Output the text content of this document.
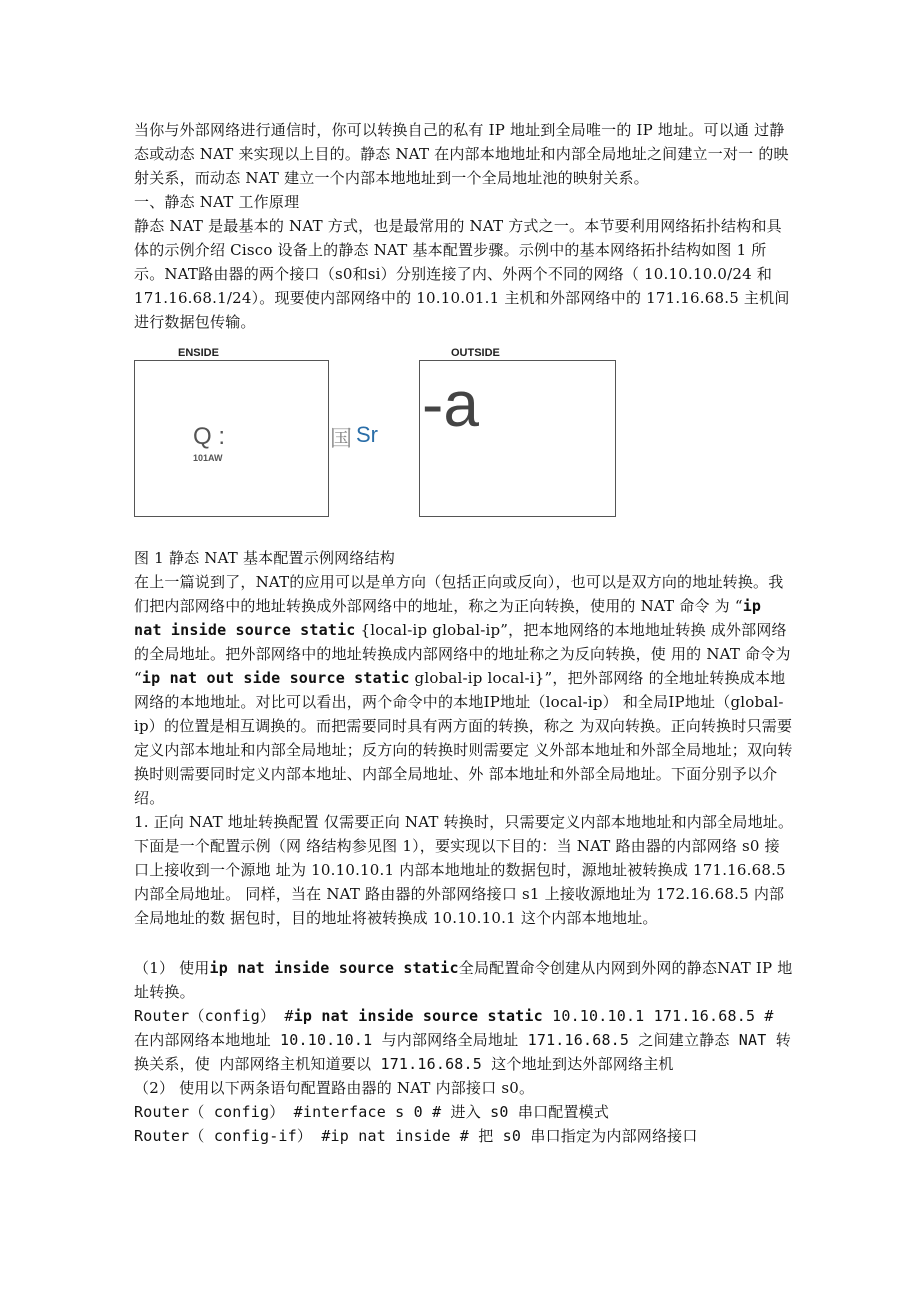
当你与外部网络进行通信时，你可以转换自己的私有 IP 地址到全局唯一的 IP 地址。可以通 过静态或动态 NAT 来实现以上目的。静态 NAT 在内部本地地址和内部全局地址之间建立一对一 的映射关系，而动态 NAT 建立一个内部本地地址到一个全局地址池的映射关系。

一、静态 NAT 工作原理

静态 NAT 是最基本的 NAT 方式，也是最常用的 NAT 方式之一。本节要利用网络拓扑结构和具 体的示例介绍 Cisco 设备上的静态 NAT 基本配置步骤。示例中的基本网络拓扑结构如图 1 所示。NAT路由器的两个接口（s0和si）分别连接了内、外两个不同的网络（ 10.10.10.0/24 和 171.16.68.1/24）。现要使内部网络中的 10.10.01.1 主机和外部网络中的 171.16.68.5 主机间进行数据包传输。

ENSIDE
Q :
101AW
国 Sr
OUTSIDE
-a

图 1 静态 NAT 基本配置示例网络结构

在上一篇说到了，NAT的应用可以是单方向（包括正向或反向），也可以是双方向的地址转换。我们把内部网络中的地址转换成外部网络中的地址，称之为正向转换，使用的 NAT 命令 为 “ip nat inside source static {local-ip global-ip”，把本地网络的本地地址转换 成外部网络的全局地址。把外部网络中的地址转换成内部网络中的地址称之为反向转换，使 用的 NAT 命令为 “ip nat out side source static global-ip local-i}”，把外部网络 的全地址转换成本地网络的本地地址。对比可以看出，两个命令中的本地IP地址（local-ip） 和全局IP地址（global-ip）的位置是相互调换的。而把需要同时具有两方面的转换，称之 为双向转换。正向转换时只需要定义内部本地址和内部全局地址；反方向的转换时则需要定 义外部本地址和外部全局地址；双向转换时则需要同时定义内部本地址、内部全局地址、外 部本地址和外部全局地址。下面分别予以介绍。

1. 正向 NAT 地址转换配置 仅需要正向 NAT 转换时，只需要定义内部本地地址和内部全局地址。下面是一个配置示例（网 络结构参见图 1），要实现以下目的：当 NAT 路由器的内部网络 s0 接口上接收到一个源地 址为 10.10.10.1 内部本地地址的数据包时，源地址被转换成 171.16.68.5 内部全局地址。 同样，当在 NAT 路由器的外部网络接口 s1 上接收源地址为 172.16.68.5 内部全局地址的数 据包时，目的地址将被转换成 10.10.10.1 这个内部本地地址。

（1） 使用ip nat inside source static全局配置命令创建从内网到外网的静态NAT IP 地址转换。

Router（config） #ip nat inside source static 10.10.10.1 171.16.68.5 # 在内部网络本地地址 10.10.10.1 与内部网络全局地址 171.16.68.5 之间建立静态 NAT 转换关系，使 内部网络主机知道要以 171.16.68.5 这个地址到达外部网络主机

（2） 使用以下两条语句配置路由器的 NAT 内部接口 s0。

Router（ config） #interface s 0 # 进入 s0 串口配置模式

Router（ config-if） #ip nat inside # 把 s0 串口指定为内部网络接口
